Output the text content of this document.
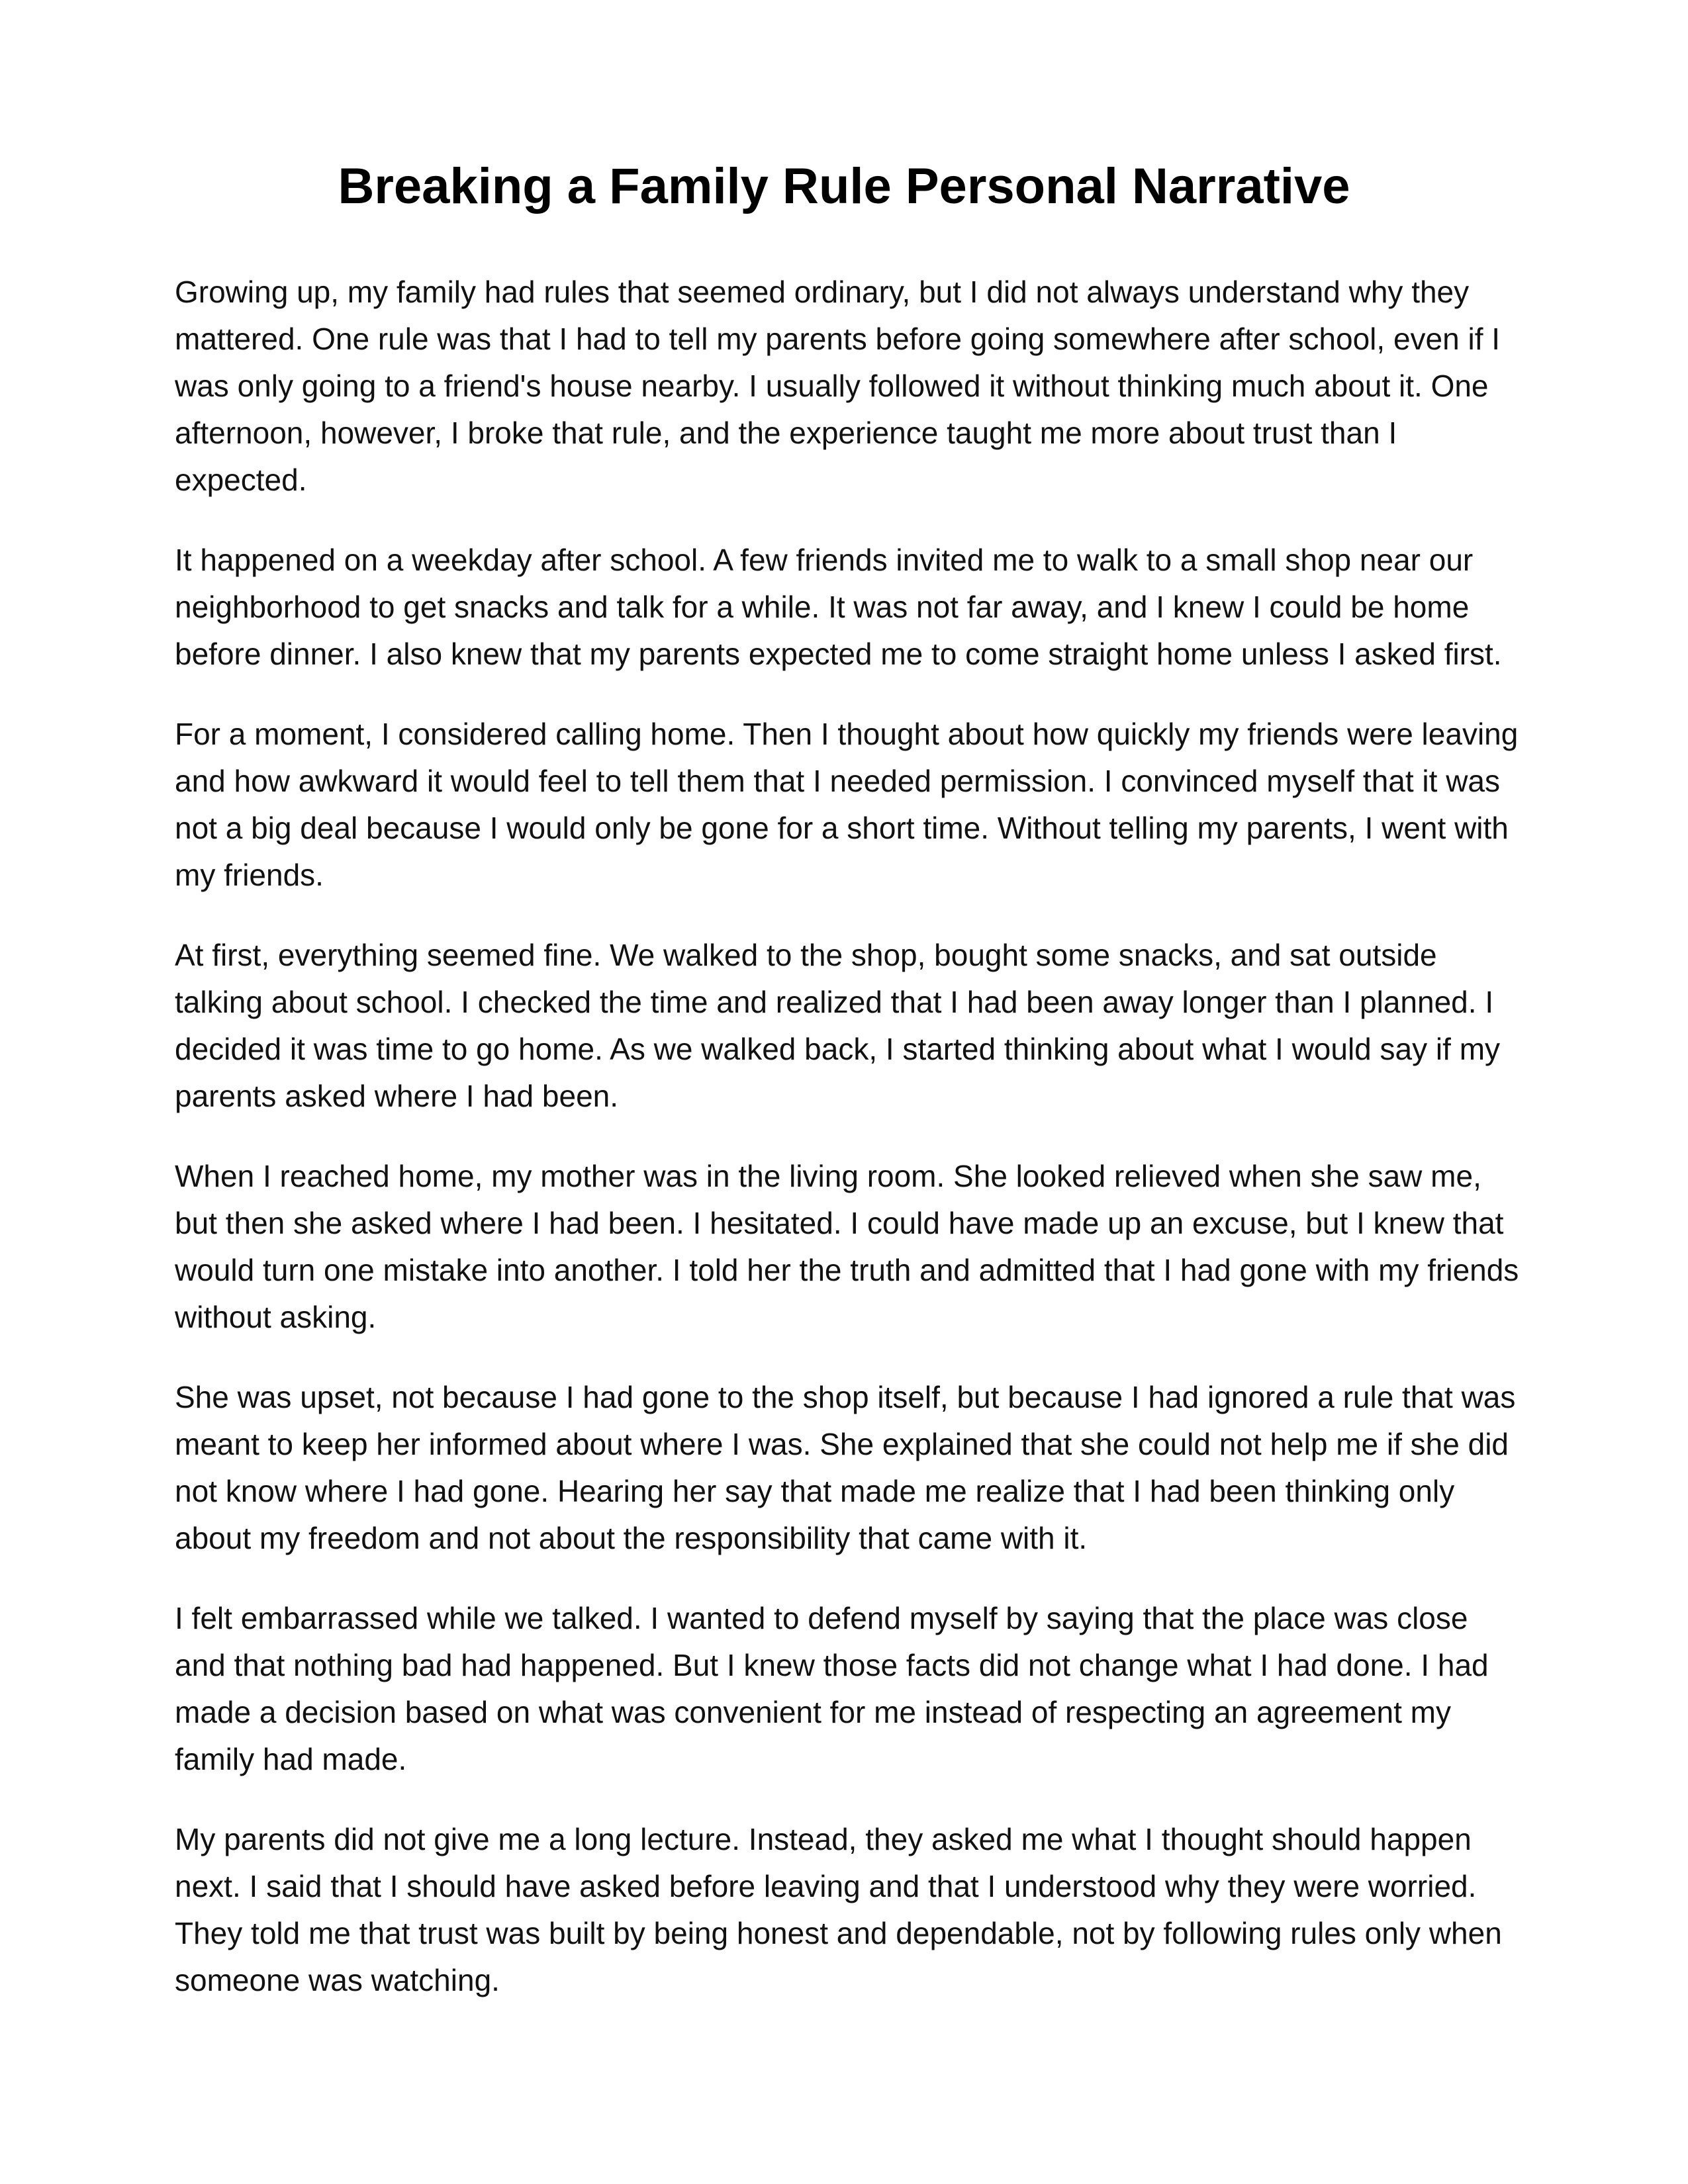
Breaking a Family Rule Personal Narrative

Growing up, my family had rules that seemed ordinary, but I did not always understand why they mattered. One rule was that I had to tell my parents before going somewhere after school, even if I was only going to a friend's house nearby. I usually followed it without thinking much about it. One afternoon, however, I broke that rule, and the experience taught me more about trust than I expected.

It happened on a weekday after school. A few friends invited me to walk to a small shop near our neighborhood to get snacks and talk for a while. It was not far away, and I knew I could be home before dinner. I also knew that my parents expected me to come straight home unless I asked first.

For a moment, I considered calling home. Then I thought about how quickly my friends were leaving and how awkward it would feel to tell them that I needed permission. I convinced myself that it was not a big deal because I would only be gone for a short time. Without telling my parents, I went with my friends.

At first, everything seemed fine. We walked to the shop, bought some snacks, and sat outside talking about school. I checked the time and realized that I had been away longer than I planned. I decided it was time to go home. As we walked back, I started thinking about what I would say if my parents asked where I had been.

When I reached home, my mother was in the living room. She looked relieved when she saw me, but then she asked where I had been. I hesitated. I could have made up an excuse, but I knew that would turn one mistake into another. I told her the truth and admitted that I had gone with my friends without asking.

She was upset, not because I had gone to the shop itself, but because I had ignored a rule that was meant to keep her informed about where I was. She explained that she could not help me if she did not know where I had gone. Hearing her say that made me realize that I had been thinking only about my freedom and not about the responsibility that came with it.

I felt embarrassed while we talked. I wanted to defend myself by saying that the place was close and that nothing bad had happened. But I knew those facts did not change what I had done. I had made a decision based on what was convenient for me instead of respecting an agreement my family had made.

My parents did not give me a long lecture. Instead, they asked me what I thought should happen next. I said that I should have asked before leaving and that I understood why they were worried. They told me that trust was built by being honest and dependable, not by following rules only when someone was watching.
